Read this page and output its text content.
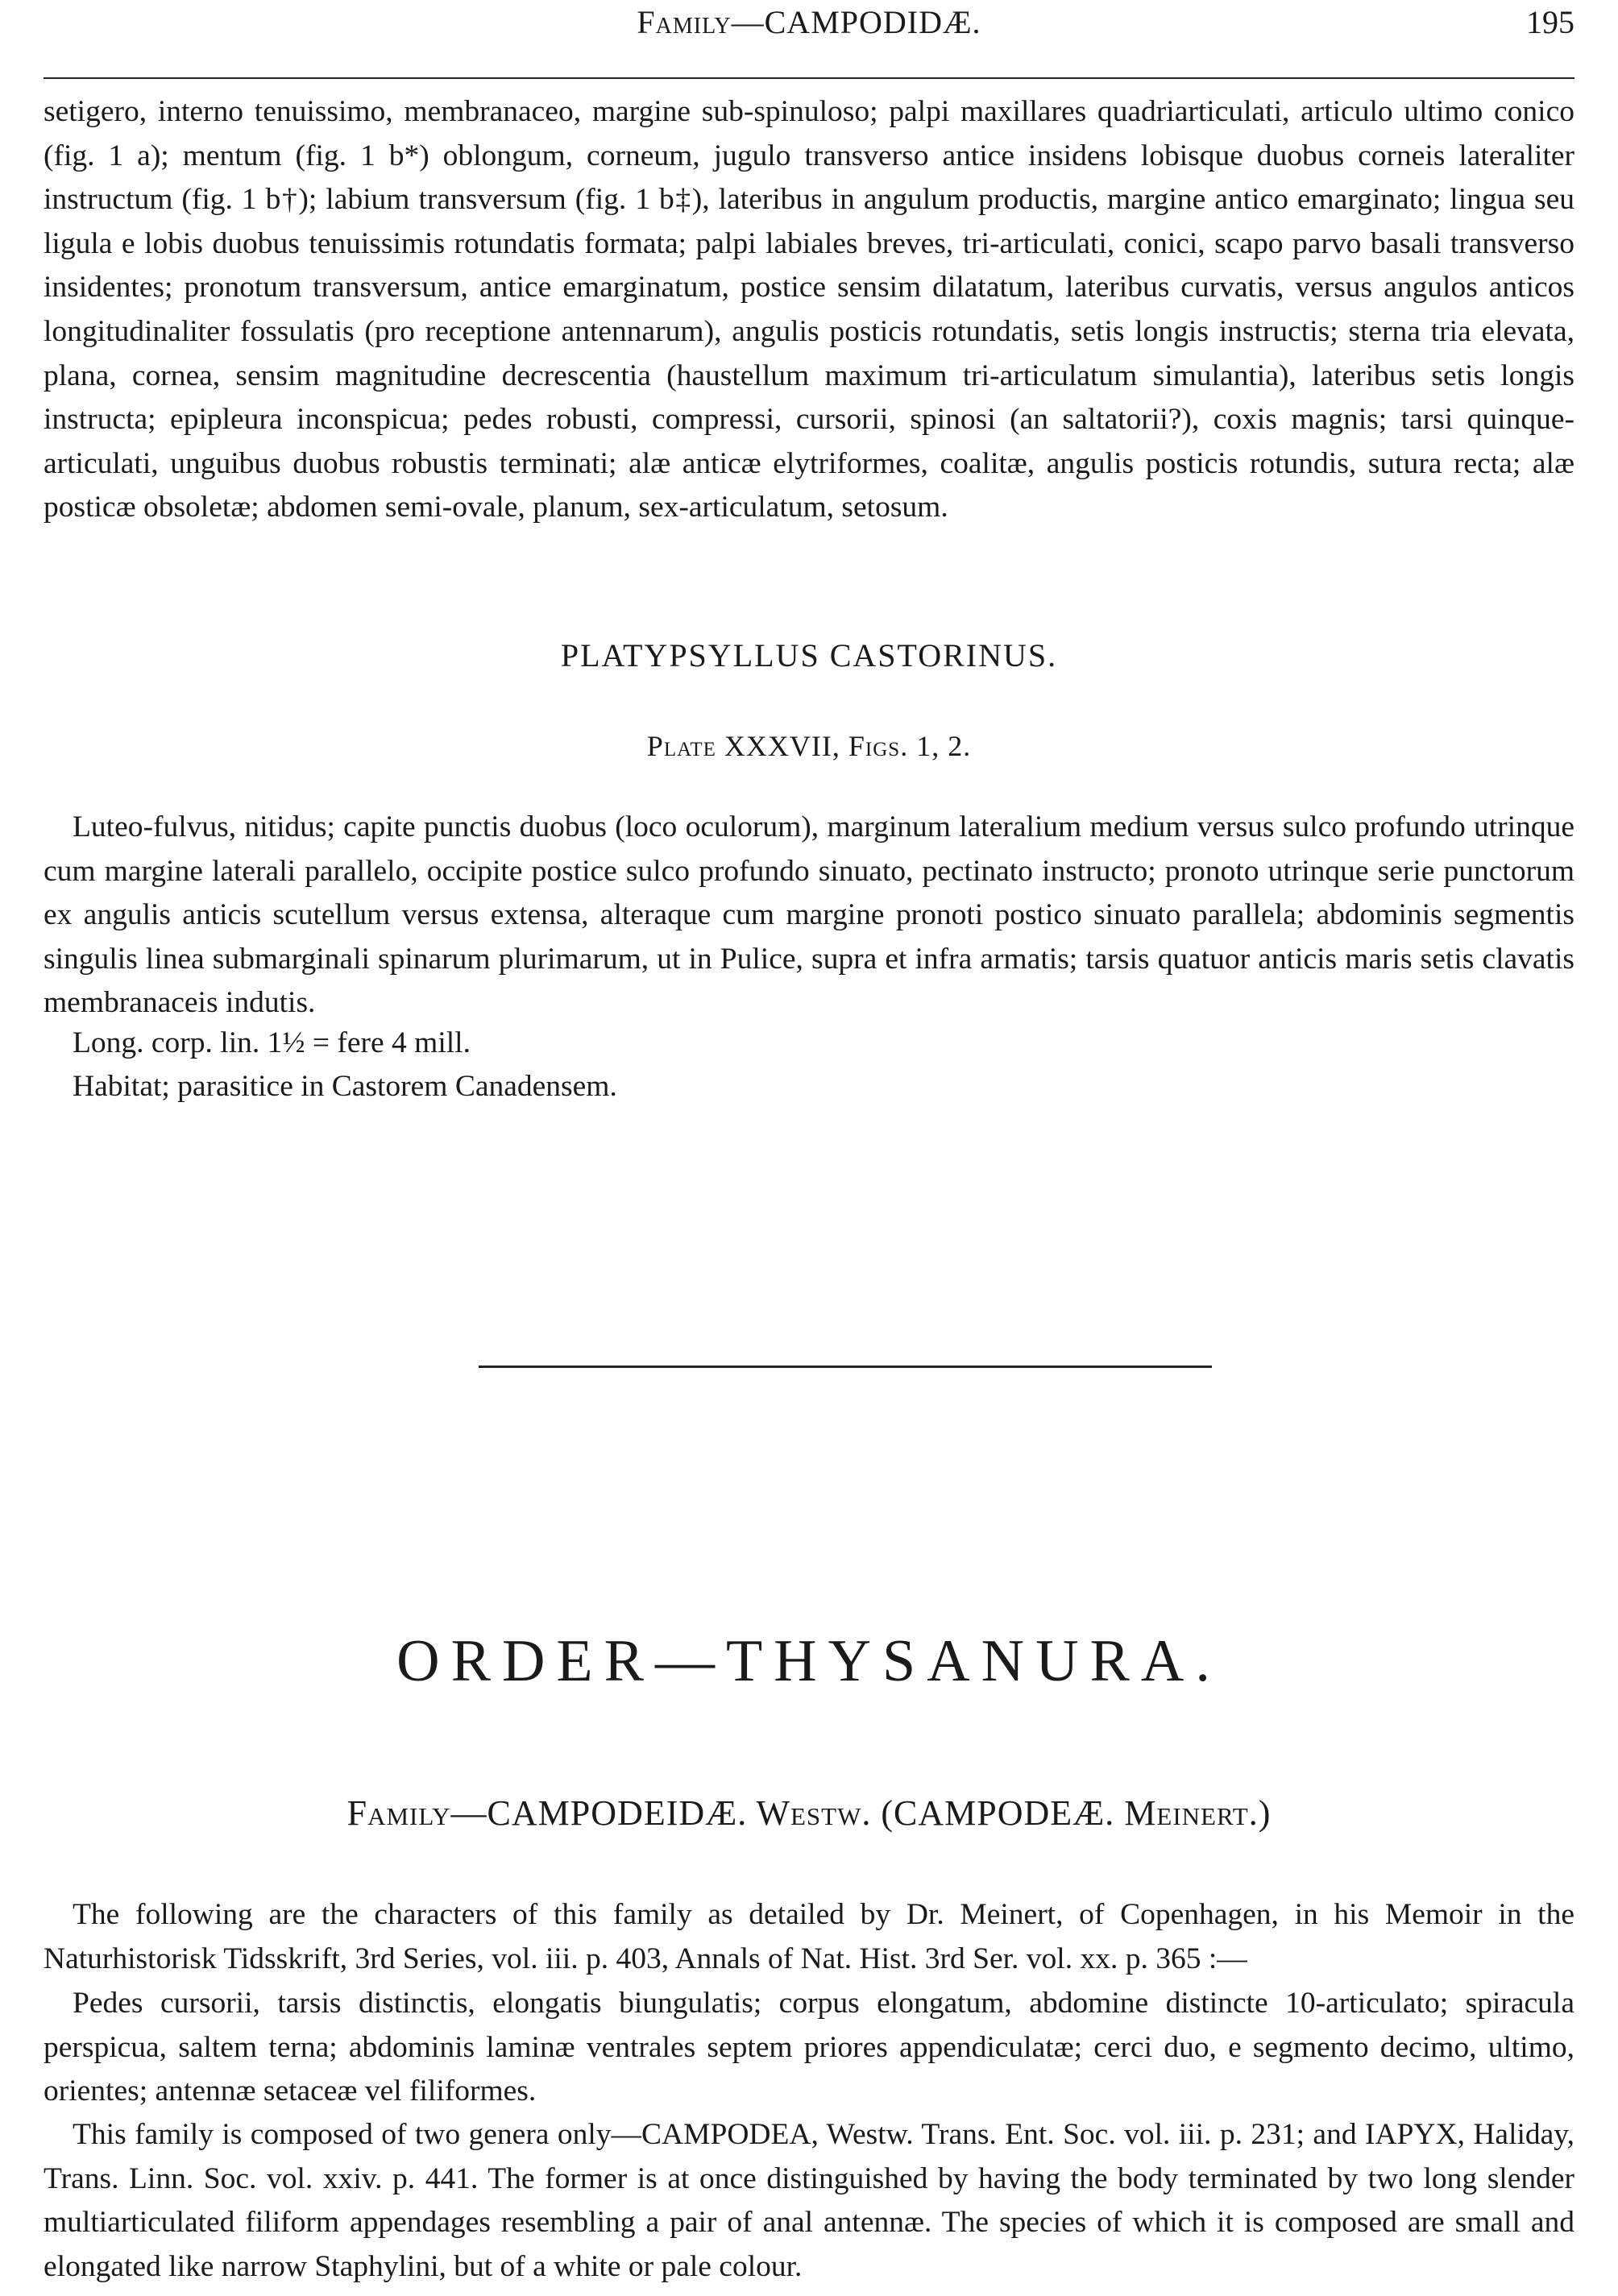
Family—CAMPODIDÆ.	195

setigero, interno tenuissimo, membranaceo, margine sub-spinuloso; palpi maxillares quadriarticulati, articulo ultimo conico (fig. 1 a); mentum (fig. 1 b*) oblongum, corneum, jugulo transverso antice insidens lobisque duobus corneis lateraliter instructum (fig. 1 b†); labium transversum (fig. 1 b‡), lateribus in angulum productis, margine antico emarginato; lingua seu ligula e lobis duobus tenuissimis rotundatis formata; palpi labiales breves, tri-articulati, conici, scapo parvo basali transverso insidentes; pronotum transversum, antice emarginatum, postice sensim dilatatum, lateribus curvatis, versus angulos anticos longitudinaliter fossulatis (pro receptione antennarum), angulis posticis rotundatis, setis longis instructis; sterna tria elevata, plana, cornea, sensim magnitudine decrescentia (haustellum maximum tri-articulatum simulantia), lateribus setis longis instructa; epipleura inconspicua; pedes robusti, compressi, cursorii, spinosi (an saltatorii?), coxis magnis; tarsi quinque-articulati, unguibus duobus robustis terminati; alæ anticæ elytriformes, coalitæ, angulis posticis rotundis, sutura recta; alæ posticæ obsoletæ; abdomen semi-ovale, planum, sex-articulatum, setosum.

PLATYPSYLLUS CASTORINUS.

Plate XXXVII, Figs. 1, 2.

Luteo-fulvus, nitidus; capite punctis duobus (loco oculorum), marginum lateralium medium versus sulco profundo utrinque cum margine laterali parallelo, occipite postice sulco profundo sinuato, pectinato instructo; pronoto utrinque serie punctorum ex angulis anticis scutellum versus extensa, alteraque cum margine pronoti postico sinuato parallela; abdominis segmentis singulis linea submarginali spinarum plurimarum, ut in Pulice, supra et infra armatis; tarsis quatuor anticis maris setis clavatis membranaceis indutis.

Long. corp. lin. 1½ = fere 4 mill.

Habitat; parasitice in Castorem Canadensem.

ORDER—THYSANURA.

Family—CAMPODEIDÆ. Westw. (CAMPODEÆ. Meinert.)

The following are the characters of this family as detailed by Dr. Meinert, of Copenhagen, in his Memoir in the Naturhistorisk Tidsskrift, 3rd Series, vol. iii. p. 403, Annals of Nat. Hist. 3rd Ser. vol. xx. p. 365 :—

Pedes cursorii, tarsis distinctis, elongatis biungulatis; corpus elongatum, abdomine distincte 10-articulato; spiracula perspicua, saltem terna; abdominis laminæ ventrales septem priores appendiculatæ; cerci duo, e segmento decimo, ultimo, orientes; antennæ setaceæ vel filiformes.

This family is composed of two genera only—CAMPODEA, Westw. Trans. Ent. Soc. vol. iii. p. 231; and IAPYX, Haliday, Trans. Linn. Soc. vol. xxiv. p. 441. The former is at once distinguished by having the body terminated by two long slender multiarticulated filiform appendages resembling a pair of anal antennæ. The species of which it is composed are small and elongated like narrow Staphylini, but of a white or pale colour.
